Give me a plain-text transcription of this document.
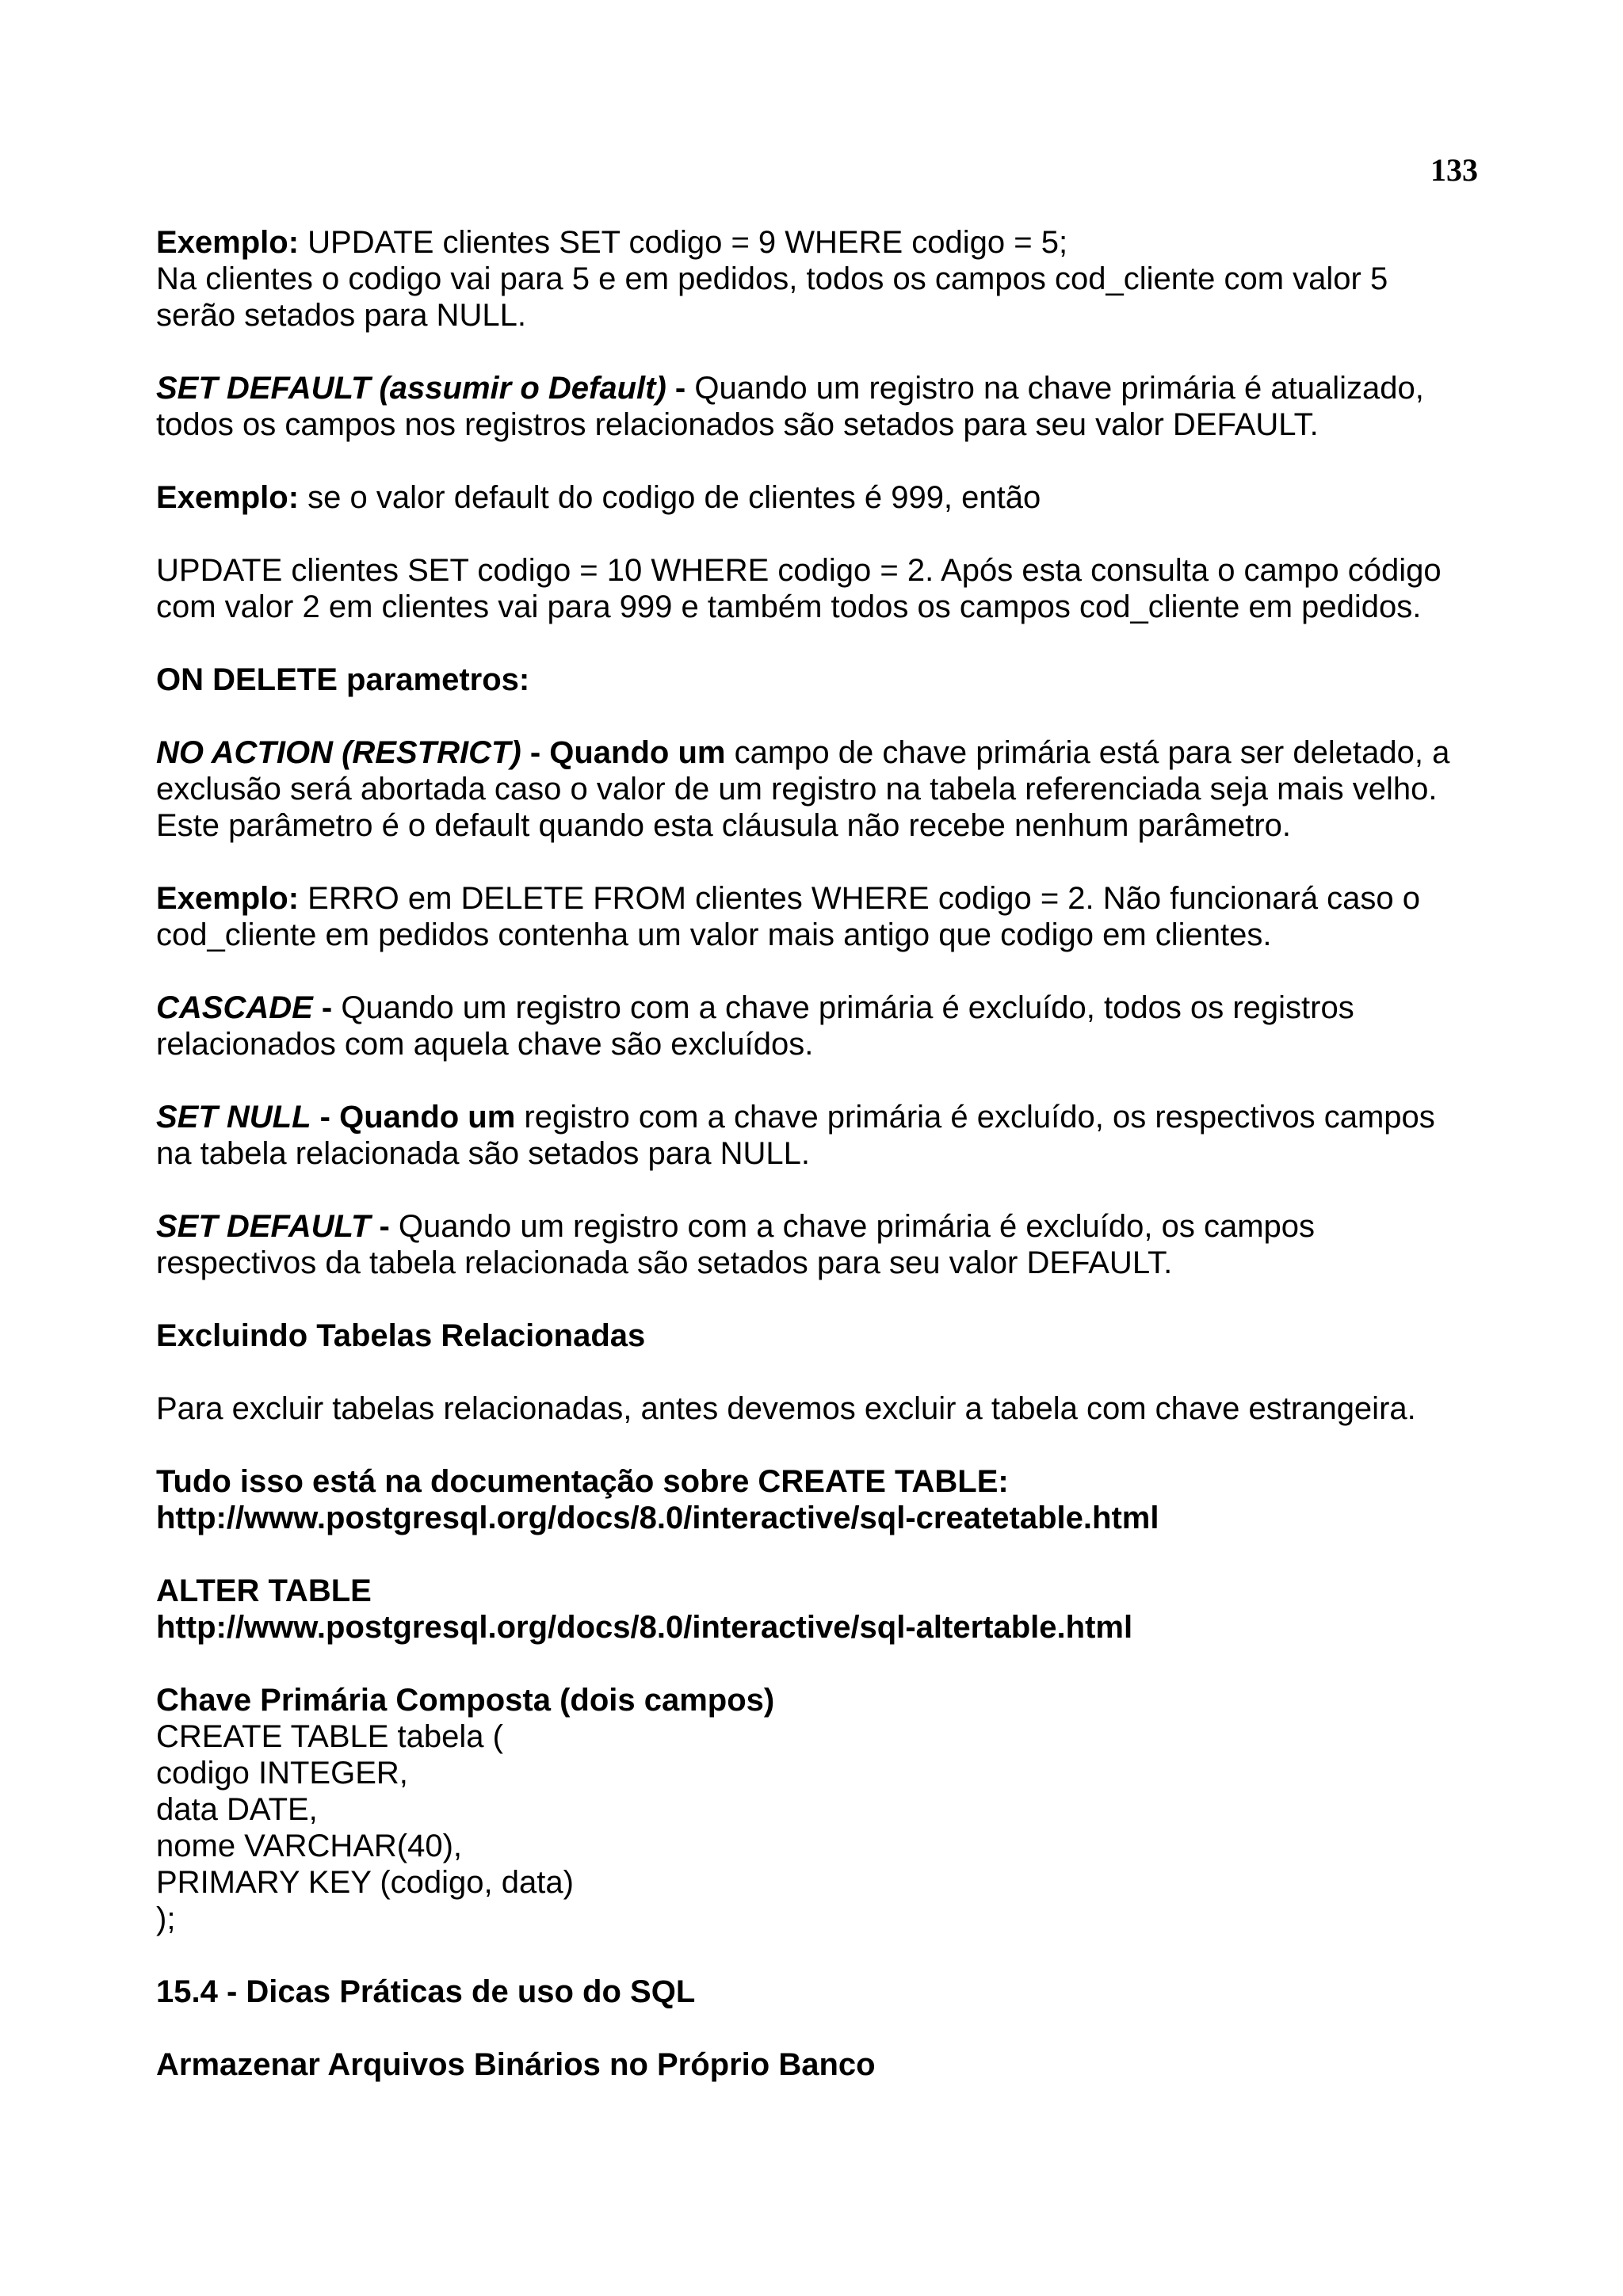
133

Exemplo: UPDATE clientes SET codigo = 9 WHERE codigo = 5;
Na clientes o codigo vai para 5 e em pedidos, todos os campos cod_cliente com valor 5
serão setados para NULL.

SET DEFAULT (assumir o Default) - Quando um registro na chave primária é atualizado,
todos os campos nos registros relacionados são setados para seu valor DEFAULT.

Exemplo: se o valor default do codigo de clientes é 999, então

UPDATE clientes SET codigo = 10 WHERE codigo = 2. Após esta consulta o campo código
com valor 2 em clientes vai para 999 e também todos os campos cod_cliente em pedidos.

ON DELETE parametros:

NO ACTION (RESTRICT) - Quando um campo de chave primária está para ser deletado, a
exclusão será abortada caso o valor de um registro na tabela referenciada seja mais velho.
Este parâmetro é o default quando esta cláusula não recebe nenhum parâmetro.

Exemplo: ERRO em DELETE FROM clientes WHERE codigo = 2. Não funcionará caso o
cod_cliente em pedidos contenha um valor mais antigo que codigo em clientes.

CASCADE - Quando um registro com a chave primária é excluído, todos os registros
relacionados com aquela chave são excluídos.

SET NULL - Quando um registro com a chave primária é excluído, os respectivos campos
na tabela relacionada são setados para NULL.

SET DEFAULT - Quando um registro com a chave primária é excluído, os campos
respectivos da tabela relacionada são setados para seu valor DEFAULT.

Excluindo Tabelas Relacionadas

Para excluir tabelas relacionadas, antes devemos excluir a tabela com chave estrangeira.

Tudo isso está na documentação sobre CREATE TABLE:
http://www.postgresql.org/docs/8.0/interactive/sql-createtable.html

ALTER TABLE
http://www.postgresql.org/docs/8.0/interactive/sql-altertable.html

Chave Primária Composta (dois campos)
CREATE TABLE tabela (
codigo INTEGER,
data DATE,
nome VARCHAR(40),
PRIMARY KEY (codigo, data)
);

15.4 - Dicas Práticas de uso do SQL

Armazenar Arquivos Binários no Próprio Banco
